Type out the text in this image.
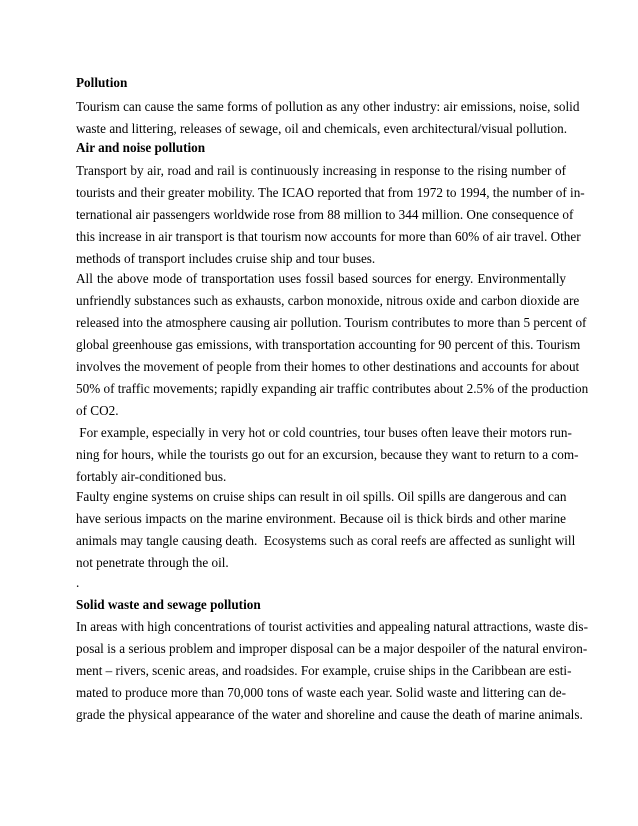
Pollution
Tourism can cause the same forms of pollution as any other industry: air emissions, noise, solid
waste and littering, releases of sewage, oil and chemicals, even architectural/visual pollution.
Air and noise pollution
Transport by air, road and rail is continuously increasing in response to the rising number of
tourists and their greater mobility. The ICAO reported that from 1972 to 1994, the number of in-
ternational air passengers worldwide rose from 88 million to 344 million. One consequence of
this increase in air transport is that tourism now accounts for more than 60% of air travel. Other
methods of transport includes cruise ship and tour buses.
All the above mode of transportation uses fossil based sources for energy. Environmentally
unfriendly substances such as exhausts, carbon monoxide, nitrous oxide and carbon dioxide are
released into the atmosphere causing air pollution. Tourism contributes to more than 5 percent of
global greenhouse gas emissions, with transportation accounting for 90 percent of this. Tourism
involves the movement of people from their homes to other destinations and accounts for about
50% of traffic movements; rapidly expanding air traffic contributes about 2.5% of the production
of CO2.
For example, especially in very hot or cold countries, tour buses often leave their motors run-
ning for hours, while the tourists go out for an excursion, because they want to return to a com-
fortably air-conditioned bus.
Faulty engine systems on cruise ships can result in oil spills. Oil spills are dangerous and can
have serious impacts on the marine environment. Because oil is thick birds and other marine
animals may tangle causing death.  Ecosystems such as coral reefs are affected as sunlight will
not penetrate through the oil.
.
Solid waste and sewage pollution
In areas with high concentrations of tourist activities and appealing natural attractions, waste dis-
posal is a serious problem and improper disposal can be a major despoiler of the natural environ-
ment – rivers, scenic areas, and roadsides. For example, cruise ships in the Caribbean are esti-
mated to produce more than 70,000 tons of waste each year. Solid waste and littering can de-
grade the physical appearance of the water and shoreline and cause the death of marine animals.
